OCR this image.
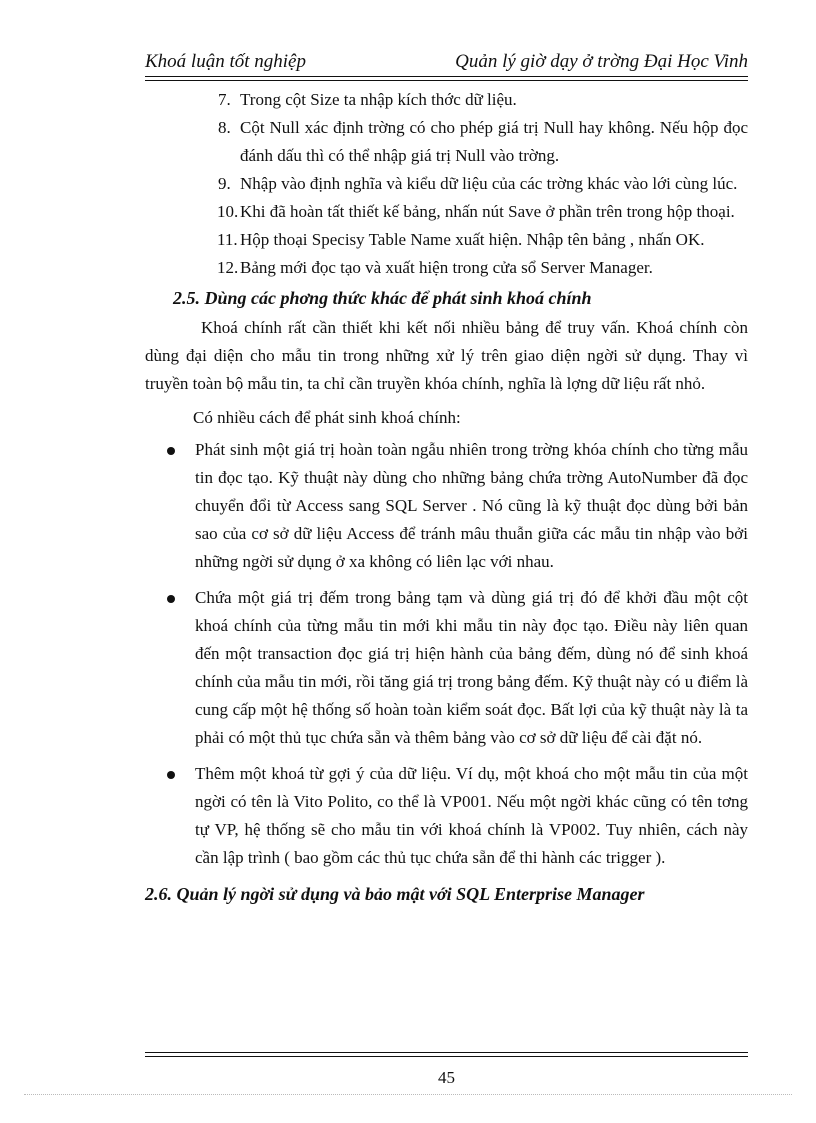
Khoá luận tốt nghiệp	Quản lý giờ dạy ở trờng Đại Học Vinh
7. Trong cột Size ta nhập kích thớc dữ liệu.
8. Cột Null xác định trờng có cho phép giá trị Null hay không. Nếu hộp đọc đánh dấu thì có thể nhập giá trị Null vào trờng.
9. Nhập vào định nghĩa và kiểu dữ liệu của các trờng khác vào lới cùng lúc.
10. Khi đã hoàn tất thiết kế bảng, nhấn nút Save ở phần trên trong hộp thoại.
11. Hộp thoại Specisy Table Name xuất hiện. Nhập tên bảng , nhấn OK.
12. Bảng mới đọc tạo và xuất hiện trong cửa sổ Server Manager.
2.5. Dùng các phơng thức khác để phát sinh khoá chính

Khoá chính rất cần thiết khi kết nối nhiều bảng để truy vấn. Khoá chính còn dùng đại diện cho mẫu tin trong những xử lý trên giao diện ngời sử dụng. Thay vì truyền toàn bộ mẫu tin, ta chỉ cần truyền khóa chính, nghĩa là lợng dữ liệu rất nhỏ.

Có nhiều cách để phát sinh khoá chính:

Phát sinh một giá trị hoàn toàn ngẫu nhiên trong trờng khóa chính cho từng mẫu tin đọc tạo. Kỹ thuật này dùng cho những bảng chứa trờng AutoNumber đã đọc chuyển đổi từ Access sang SQL Server . Nó cũng là kỹ thuật đọc dùng bởi bản sao của cơ sở dữ liệu Access để tránh mâu thuẫn giữa các mẫu tin nhập vào bởi những ngời sử dụng ở xa không có liên lạc với nhau.
Chứa một giá trị đếm trong bảng tạm và dùng giá trị đó để khởi đầu một cột khoá chính của từng mẫu tin mới khi mẫu tin này đọc tạo. Điều này liên quan đến một transaction đọc giá trị hiện hành của bảng đếm, dùng nó để sinh khoá chính của mẫu tin mới, rồi tăng giá trị trong bảng đếm. Kỹ thuật này có u điểm là cung cấp một hệ thống số hoàn toàn kiểm soát đọc. Bất lợi của kỹ thuật này là ta phải có một thủ tục chứa sẵn và thêm bảng vào cơ sở dữ liệu để cài đặt nó.
Thêm một khoá từ gợi ý của dữ liệu. Ví dụ, một khoá cho một mẫu tin của một ngời có tên là Vito Polito, co thể là VP001. Nếu một ngời khác cũng có tên tơng tự VP, hệ thống sẽ cho mẫu tin với khoá chính là VP002. Tuy nhiên, cách này cần lập trình ( bao gồm các thủ tục chứa sẵn để thi hành các trigger ).
2.6. Quản lý ngời sử dụng và bảo mật với SQL Enterprise Manager
45
